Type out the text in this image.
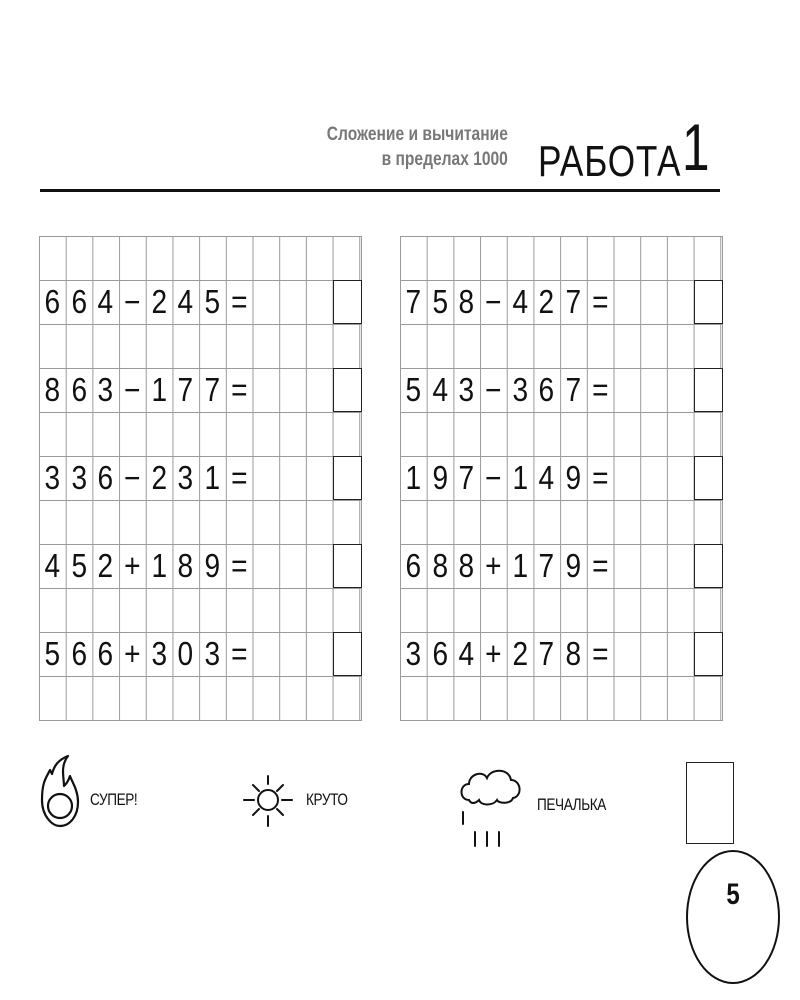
Сложение и вычитание
в пределах 1000 РАБОТА 1
6 6 4 − 2 4 5 =
8 6 3 − 1 7 7 =
3 3 6 − 2 3 1 =
4 5 2 + 1 8 9 =
5 6 6 + 3 0 3 =
7 5 8 − 4 2 7 =
5 4 3 − 3 6 7 =
1 9 7 − 1 4 9 =
6 8 8 + 1 7 9 =
3 6 4 + 2 7 8 =
СУПЕР!	КРУТО	ПЕЧАЛЬКА
5
